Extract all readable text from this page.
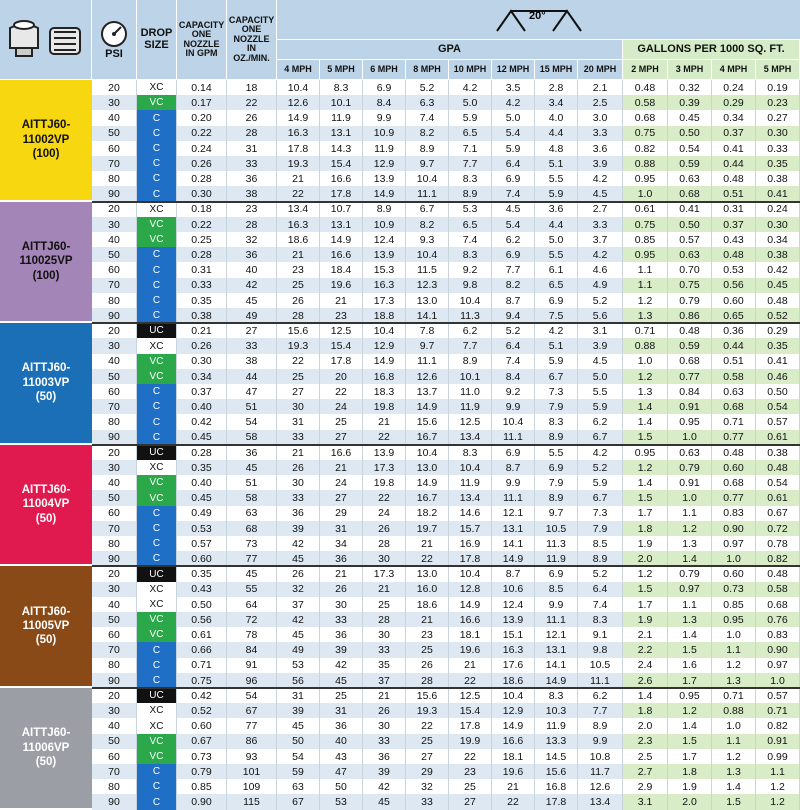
PSI
DROP SIZE
CAPACITY ONE NOZZLE IN GPM
CAPACITY ONE NOZZLE IN OZ./MIN.
20°
GPA	GALLONS PER 1000 SQ. FT.
4 MPH	5 MPH	6 MPH	8 MPH	10 MPH	12 MPH	15 MPH	20 MPH	2 MPH	3 MPH	4 MPH	5 MPH
AITTJ60-
11002VP
(100)
20	XC	0.14	18	10.4	8.3	6.9	5.2	4.2	3.5	2.8	2.1	0.48	0.32	0.24	0.19
30	VC	0.17	22	12.6	10.1	8.4	6.3	5.0	4.2	3.4	2.5	0.58	0.39	0.29	0.23
40	C	0.20	26	14.9	11.9	9.9	7.4	5.9	5.0	4.0	3.0	0.68	0.45	0.34	0.27
50	C	0.22	28	16.3	13.1	10.9	8.2	6.5	5.4	4.4	3.3	0.75	0.50	0.37	0.30
60	C	0.24	31	17.8	14.3	11.9	8.9	7.1	5.9	4.8	3.6	0.82	0.54	0.41	0.33
70	C	0.26	33	19.3	15.4	12.9	9.7	7.7	6.4	5.1	3.9	0.88	0.59	0.44	0.35
80	C	0.28	36	21	16.6	13.9	10.4	8.3	6.9	5.5	4.2	0.95	0.63	0.48	0.38
90	C	0.30	38	22	17.8	14.9	11.1	8.9	7.4	5.9	4.5	1.0	0.68	0.51	0.41
AITTJ60-
110025VP
(100)
20	XC	0.18	23	13.4	10.7	8.9	6.7	5.3	4.5	3.6	2.7	0.61	0.41	0.31	0.24
30	VC	0.22	28	16.3	13.1	10.9	8.2	6.5	5.4	4.4	3.3	0.75	0.50	0.37	0.30
40	VC	0.25	32	18.6	14.9	12.4	9.3	7.4	6.2	5.0	3.7	0.85	0.57	0.43	0.34
50	C	0.28	36	21	16.6	13.9	10.4	8.3	6.9	5.5	4.2	0.95	0.63	0.48	0.38
60	C	0.31	40	23	18.4	15.3	11.5	9.2	7.7	6.1	4.6	1.1	0.70	0.53	0.42
70	C	0.33	42	25	19.6	16.3	12.3	9.8	8.2	6.5	4.9	1.1	0.75	0.56	0.45
80	C	0.35	45	26	21	17.3	13.0	10.4	8.7	6.9	5.2	1.2	0.79	0.60	0.48
90	C	0.38	49	28	23	18.8	14.1	11.3	9.4	7.5	5.6	1.3	0.86	0.65	0.52
AITTJ60-
11003VP
(50)
20	UC	0.21	27	15.6	12.5	10.4	7.8	6.2	5.2	4.2	3.1	0.71	0.48	0.36	0.29
30	XC	0.26	33	19.3	15.4	12.9	9.7	7.7	6.4	5.1	3.9	0.88	0.59	0.44	0.35
40	VC	0.30	38	22	17.8	14.9	11.1	8.9	7.4	5.9	4.5	1.0	0.68	0.51	0.41
50	VC	0.34	44	25	20	16.8	12.6	10.1	8.4	6.7	5.0	1.2	0.77	0.58	0.46
60	C	0.37	47	27	22	18.3	13.7	11.0	9.2	7.3	5.5	1.3	0.84	0.63	0.50
70	C	0.40	51	30	24	19.8	14.9	11.9	9.9	7.9	5.9	1.4	0.91	0.68	0.54
80	C	0.42	54	31	25	21	15.6	12.5	10.4	8.3	6.2	1.4	0.95	0.71	0.57
90	C	0.45	58	33	27	22	16.7	13.4	11.1	8.9	6.7	1.5	1.0	0.77	0.61
AITTJ60-
11004VP
(50)
20	UC	0.28	36	21	16.6	13.9	10.4	8.3	6.9	5.5	4.2	0.95	0.63	0.48	0.38
30	XC	0.35	45	26	21	17.3	13.0	10.4	8.7	6.9	5.2	1.2	0.79	0.60	0.48
40	VC	0.40	51	30	24	19.8	14.9	11.9	9.9	7.9	5.9	1.4	0.91	0.68	0.54
50	VC	0.45	58	33	27	22	16.7	13.4	11.1	8.9	6.7	1.5	1.0	0.77	0.61
60	C	0.49	63	36	29	24	18.2	14.6	12.1	9.7	7.3	1.7	1.1	0.83	0.67
70	C	0.53	68	39	31	26	19.7	15.7	13.1	10.5	7.9	1.8	1.2	0.90	0.72
80	C	0.57	73	42	34	28	21	16.9	14.1	11.3	8.5	1.9	1.3	0.97	0.78
90	C	0.60	77	45	36	30	22	17.8	14.9	11.9	8.9	2.0	1.4	1.0	0.82
AITTJ60-
11005VP
(50)
20	UC	0.35	45	26	21	17.3	13.0	10.4	8.7	6.9	5.2	1.2	0.79	0.60	0.48
30	XC	0.43	55	32	26	21	16.0	12.8	10.6	8.5	6.4	1.5	0.97	0.73	0.58
40	XC	0.50	64	37	30	25	18.6	14.9	12.4	9.9	7.4	1.7	1.1	0.85	0.68
50	VC	0.56	72	42	33	28	21	16.6	13.9	11.1	8.3	1.9	1.3	0.95	0.76
60	VC	0.61	78	45	36	30	23	18.1	15.1	12.1	9.1	2.1	1.4	1.0	0.83
70	C	0.66	84	49	39	33	25	19.6	16.3	13.1	9.8	2.2	1.5	1.1	0.90
80	C	0.71	91	53	42	35	26	21	17.6	14.1	10.5	2.4	1.6	1.2	0.97
90	C	0.75	96	56	45	37	28	22	18.6	14.9	11.1	2.6	1.7	1.3	1.0
AITTJ60-
11006VP
(50)
20	UC	0.42	54	31	25	21	15.6	12.5	10.4	8.3	6.2	1.4	0.95	0.71	0.57
30	XC	0.52	67	39	31	26	19.3	15.4	12.9	10.3	7.7	1.8	1.2	0.88	0.71
40	XC	0.60	77	45	36	30	22	17.8	14.9	11.9	8.9	2.0	1.4	1.0	0.82
50	VC	0.67	86	50	40	33	25	19.9	16.6	13.3	9.9	2.3	1.5	1.1	0.91
60	VC	0.73	93	54	43	36	27	22	18.1	14.5	10.8	2.5	1.7	1.2	0.99
70	C	0.79	101	59	47	39	29	23	19.6	15.6	11.7	2.7	1.8	1.3	1.1
80	C	0.85	109	63	50	42	32	25	21	16.8	12.6	2.9	1.9	1.4	1.2
90	C	0.90	115	67	53	45	33	27	22	17.8	13.4	3.1	2.0	1.5	1.2
